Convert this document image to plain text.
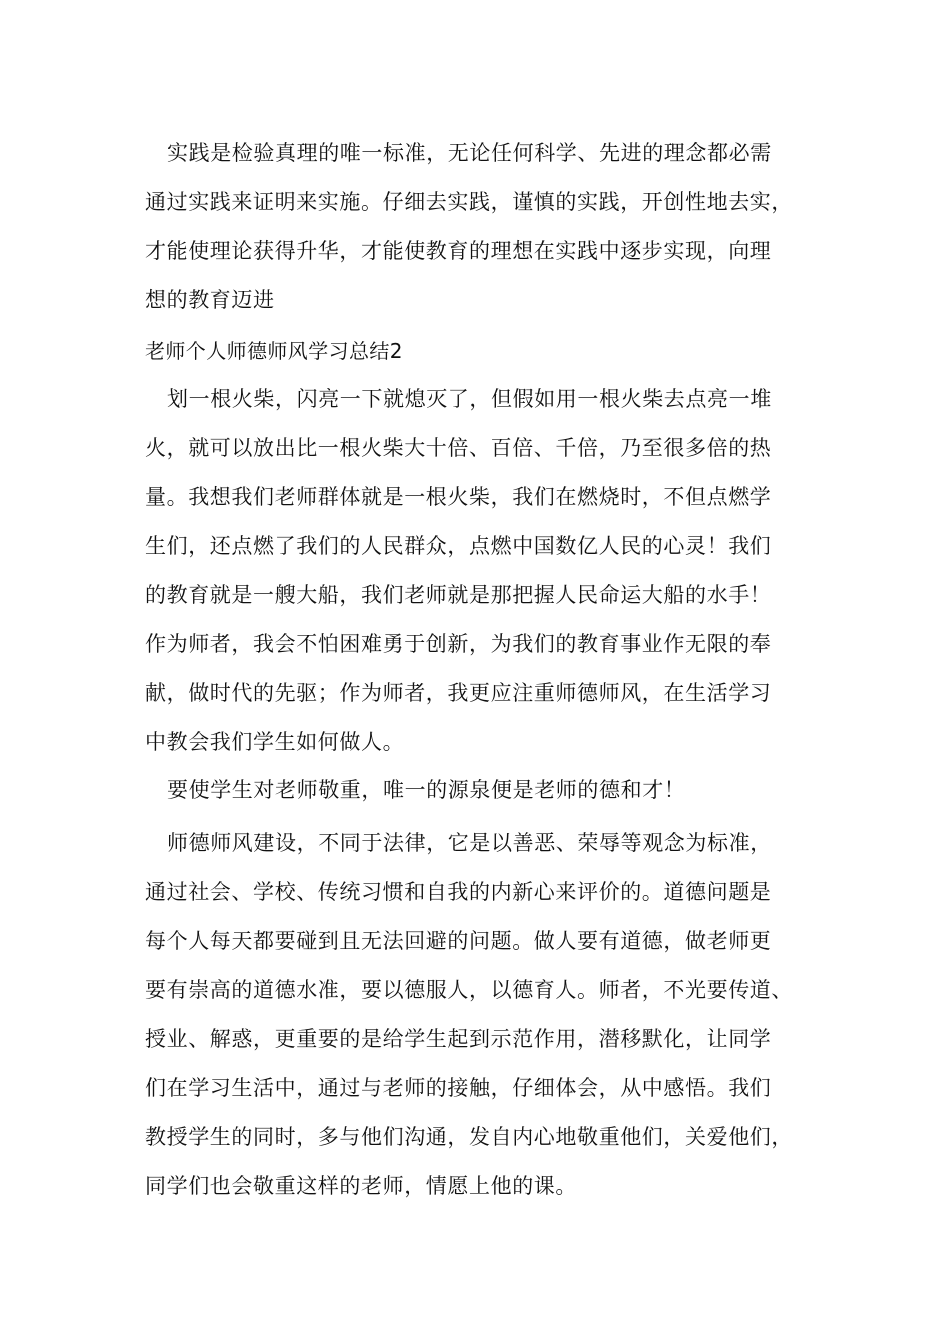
实践是检验真理的唯一标准，无论任何科学、先进的理念都必需
通过实践来证明来实施。仔细去实践，谨慎的实践，开创性地去实，
才能使理论获得升华，才能使教育的理想在实践中逐步实现，向理
想的教育迈进

老师个人师德师风学习总结2

划一根火柴，闪亮一下就熄灭了，但假如用一根火柴去点亮一堆
火，就可以放出比一根火柴大十倍、百倍、千倍，乃至很多倍的热
量。我想我们老师群体就是一根火柴，我们在燃烧时，不但点燃学
生们，还点燃了我们的人民群众，点燃中国数亿人民的心灵！我们
的教育就是一艘大船，我们老师就是那把握人民命运大船的水手！
作为师者，我会不怕困难勇于创新，为我们的教育事业作无限的奉
献，做时代的先驱；作为师者，我更应注重师德师风，在生活学习
中教会我们学生如何做人。

要使学生对老师敬重，唯一的源泉便是老师的德和才！

师德师风建设，不同于法律，它是以善恶、荣辱等观念为标准，
通过社会、学校、传统习惯和自我的内新心来评价的。道德问题是
每个人每天都要碰到且无法回避的问题。做人要有道德，做老师更
要有崇高的道德水准，要以德服人，以德育人。师者，不光要传道、
授业、解惑，更重要的是给学生起到示范作用，潜移默化，让同学
们在学习生活中，通过与老师的接触，仔细体会，从中感悟。我们
教授学生的同时，多与他们沟通，发自内心地敬重他们，关爱他们，
同学们也会敬重这样的老师，情愿上他的课。
